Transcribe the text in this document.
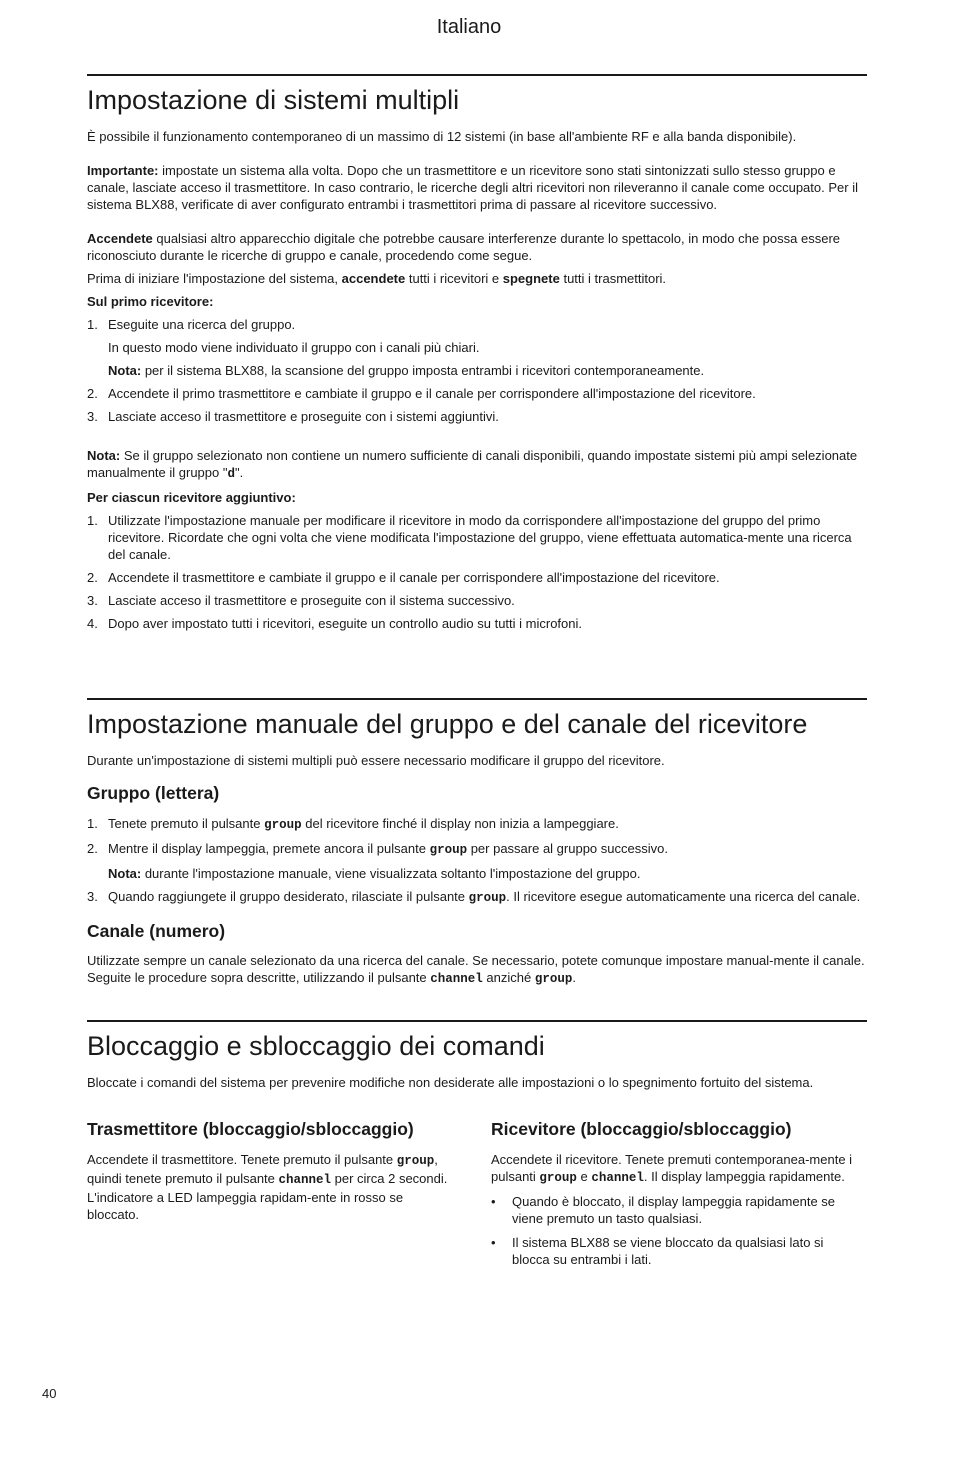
Italiano
Impostazione di sistemi multipli

È possibile il funzionamento contemporaneo di un massimo di 12 sistemi (in base all'ambiente RF e alla banda disponibile).

Importante: impostate un sistema alla volta. Dopo che un trasmettitore e un ricevitore sono stati sintonizzati sullo stesso gruppo e canale, lasciate acceso il trasmettitore. In caso contrario, le ricerche degli altri ricevitori non rileveranno il canale come occupato. Per il sistema BLX88, verificate di aver configurato entrambi i trasmettitori prima di passare al ricevitore successivo.

Accendete qualsiasi altro apparecchio digitale che potrebbe causare interferenze durante lo spettacolo, in modo che possa essere riconosciuto durante le ricerche di gruppo e canale, procedendo come segue.

Prima di iniziare l'impostazione del sistema, accendete tutti i ricevitori e spegnete tutti i trasmettitori.

Sul primo ricevitore:

1. Eseguite una ricerca del gruppo.
In questo modo viene individuato il gruppo con i canali più chiari.
Nota: per il sistema BLX88, la scansione del gruppo imposta entrambi i ricevitori contemporaneamente.
2. Accendete il primo trasmettitore e cambiate il gruppo e il canale per corrispondere all'impostazione del ricevitore.
3. Lasciate acceso il trasmettitore e proseguite con i sistemi aggiuntivi.

Nota: Se il gruppo selezionato non contiene un numero sufficiente di canali disponibili, quando impostate sistemi più ampi selezionate manualmente il gruppo "d".

Per ciascun ricevitore aggiuntivo:

1. Utilizzate l'impostazione manuale per modificare il ricevitore in modo da corrispondere all'impostazione del gruppo del primo ricevitore. Ricordate che ogni volta che viene modificata l'impostazione del gruppo, viene effettuata automatica-mente una ricerca del canale.
2. Accendete il trasmettitore e cambiate il gruppo e il canale per corrispondere all'impostazione del ricevitore.
3. Lasciate acceso il trasmettitore e proseguite con il sistema successivo.
4. Dopo aver impostato tutti i ricevitori, eseguite un controllo audio su tutti i microfoni.
Impostazione manuale del gruppo e del canale del ricevitore

Durante un'impostazione di sistemi multipli può essere necessario modificare il gruppo del ricevitore.

Gruppo (lettera)
1. Tenete premuto il pulsante group del ricevitore finché il display non inizia a lampeggiare.
2. Mentre il display lampeggia, premete ancora il pulsante group per passare al gruppo successivo.
Nota: durante l'impostazione manuale, viene visualizzata soltanto l'impostazione del gruppo.
3. Quando raggiungete il gruppo desiderato, rilasciate il pulsante group. Il ricevitore esegue automaticamente una ricerca del canale.
Canale (numero)

Utilizzate sempre un canale selezionato da una ricerca del canale. Se necessario, potete comunque impostare manual-mente il canale. Seguite le procedure sopra descritte, utilizzando il pulsante channel anziché group.

Bloccaggio e sbloccaggio dei comandi

Bloccate i comandi del sistema per prevenire modifiche non desiderate alle impostazioni o lo spegnimento fortuito del sistema.

Trasmettitore (bloccaggio/sbloccaggio)

Accendete il trasmettitore. Tenete premuto il pulsante group, quindi tenete premuto il pulsante channel per circa 2 secondi. L'indicatore a LED lampeggia rapidam-ente in rosso se bloccato.

Ricevitore (bloccaggio/sbloccaggio)

Accendete il ricevitore. Tenete premuti contemporanea-mente i pulsanti group e channel. Il display lampeggia rapidamente.

• Quando è bloccato, il display lampeggia rapidamente se viene premuto un tasto qualsiasi.
• Il sistema BLX88 se viene bloccato da qualsiasi lato si blocca su entrambi i lati.
40
